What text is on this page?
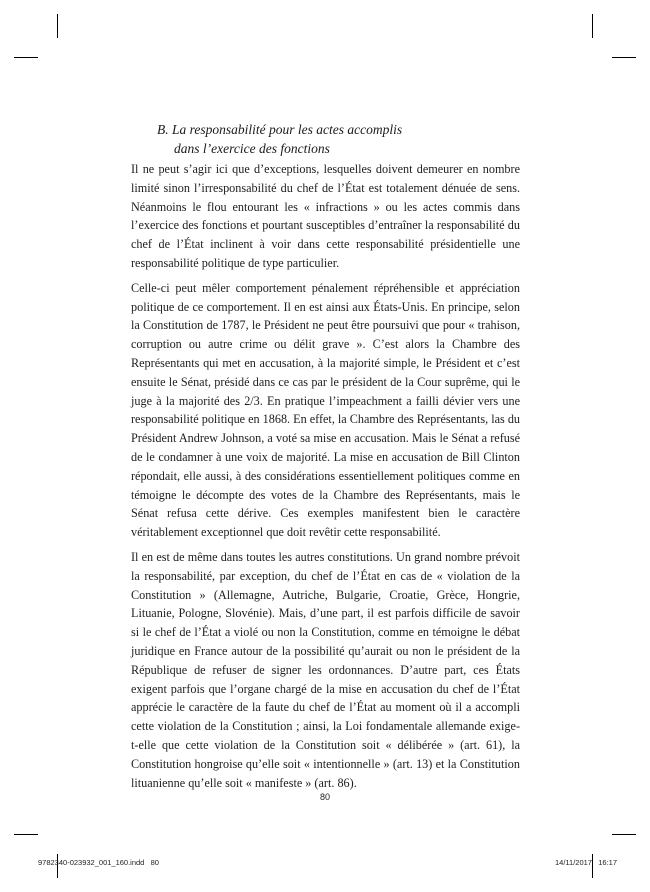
B. La responsabilité pour les actes accomplis
dans l’exercice des fonctions

Il ne peut s’agir ici que d’exceptions, lesquelles doivent demeurer en nombre limité sinon l’irresponsabilité du chef de l’État est totalement dénuée de sens. Néanmoins le flou entourant les « infractions » ou les actes commis dans l’exercice des fonctions et pourtant susceptibles d’entraîner la responsabilité du chef de l’État inclinent à voir dans cette responsabilité présidentielle une responsabilité politique de type particulier.

Celle-ci peut mêler comportement pénalement répréhensible et appréciation politique de ce comportement. Il en est ainsi aux États-Unis. En principe, selon la Constitution de 1787, le Président ne peut être poursuivi que pour « trahison, corruption ou autre crime ou délit grave ». C’est alors la Chambre des Représentants qui met en accusation, à la majorité simple, le Président et c’est ensuite le Sénat, présidé dans ce cas par le président de la Cour suprême, qui le juge à la majorité des 2/3. En pratique l’impeachment a failli dévier vers une responsabilité politique en 1868. En effet, la Chambre des Représentants, las du Président Andrew Johnson, a voté sa mise en accusation. Mais le Sénat a refusé de le condamner à une voix de majorité. La mise en accusation de Bill Clinton répondait, elle aussi, à des considérations essentiellement politiques comme en témoigne le décompte des votes de la Chambre des Représentants, mais le Sénat refusa cette dérive. Ces exemples manifestent bien le caractère véritablement exceptionnel que doit revêtir cette responsabilité.

Il en est de même dans toutes les autres constitutions. Un grand nombre prévoit la responsabilité, par exception, du chef de l’État en cas de « violation de la Constitution » (Allemagne, Autriche, Bulgarie, Croatie, Grèce, Hongrie, Lituanie, Pologne, Slovénie). Mais, d’une part, il est parfois difficile de savoir si le chef de l’État a violé ou non la Constitution, comme en témoigne le débat juridique en France autour de la possibilité qu’aurait ou non le président de la République de refuser de signer les ordonnances. D’autre part, ces États exigent parfois que l’organe chargé de la mise en accusation du chef de l’État apprécie le caractère de la faute du chef de l’État au moment où il a accompli cette violation de la Constitution ; ainsi, la Loi fondamentale allemande exige-t-elle que cette violation de la Constitution soit « délibérée » (art. 61), la Constitution hongroise qu’elle soit « intentionnelle » (art. 13) et la Constitution lituanienne qu’elle soit « manifeste » (art. 86).

80
9782340-023932_001_160.indd   80	14/11/2017   16:17
